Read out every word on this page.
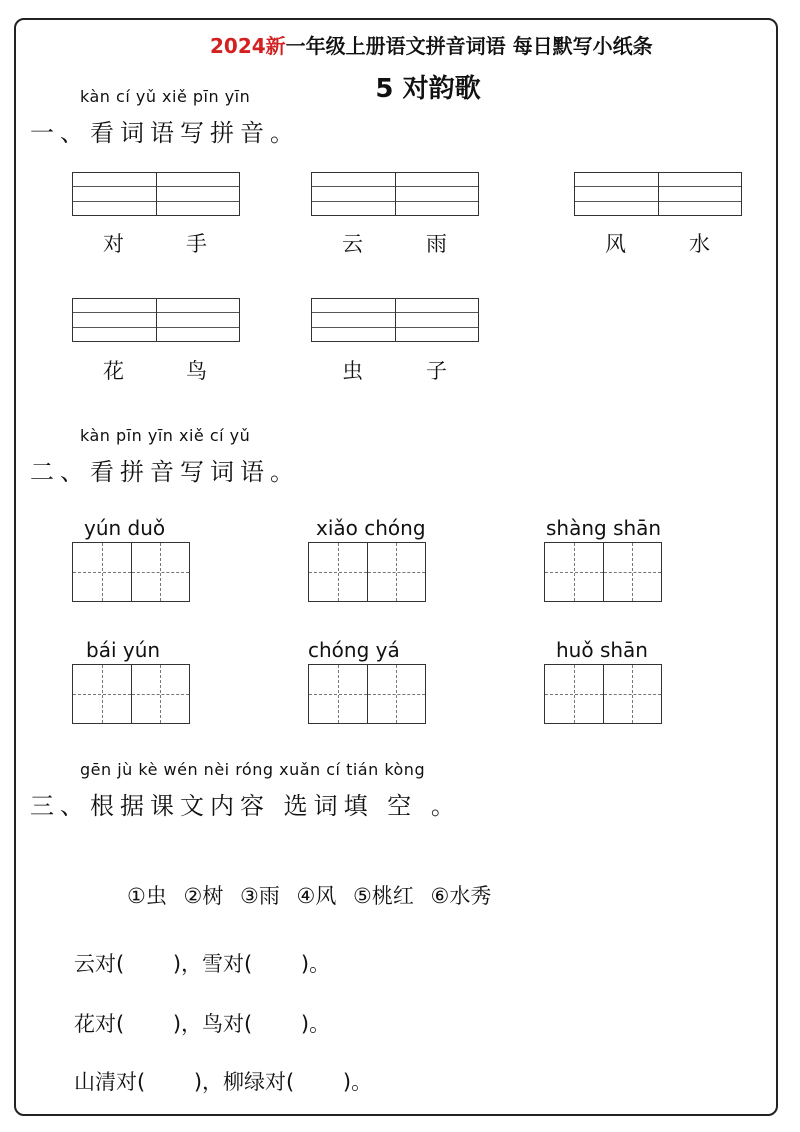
2024新一年级上册语文拼音词语 每日默写小纸条
5 对韵歌
kàn cí yǔ xiě pīn yīn
一、看词语写拼音。
对	手	云	雨	风	水
花	鸟	虫	子
kàn pīn yīn xiě cí yǔ
二、看拼音写词语。
yún duǒ	xiǎo chóng	shàng shān
bái yún	chóng yá	huǒ shān
gēn jù kè wén nèi róng xuǎn cí tián kòng
三、根据课文内容 选词填 空 。
①虫 ②树 ③雨 ④风 ⑤桃红 ⑥水秀
云对(　　 )，雪对(　　 )。
花对(　　 )，鸟对(　　 )。
山清对(　　 )，柳绿对(　　 )。
